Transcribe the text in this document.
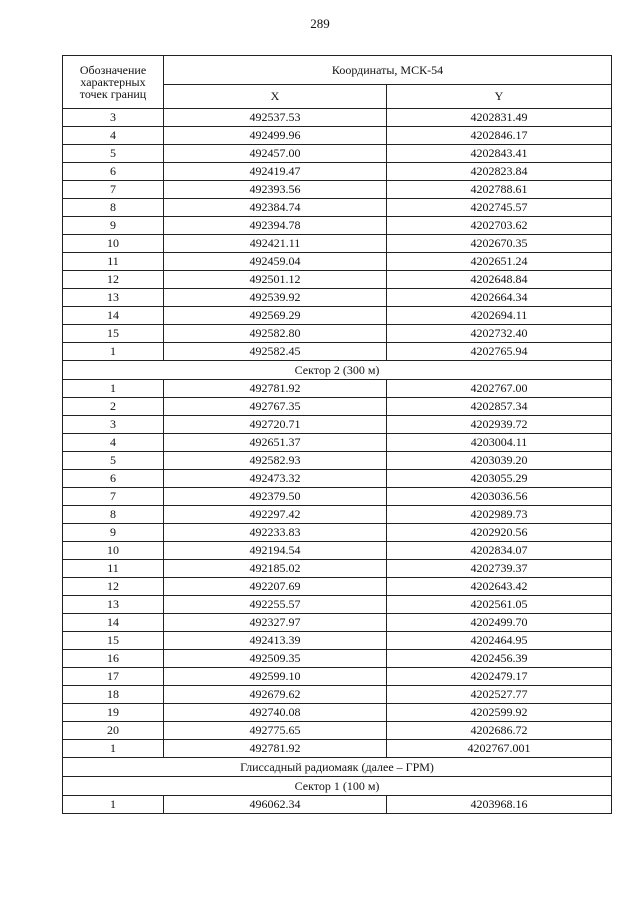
289
Обозначение характерных точек границ	Координаты, МСК-54	
	X	Y
3	492537.53	4202831.49
4	492499.96	4202846.17
5	492457.00	4202843.41
6	492419.47	4202823.84
7	492393.56	4202788.61
8	492384.74	4202745.57
9	492394.78	4202703.62
10	492421.11	4202670.35
11	492459.04	4202651.24
12	492501.12	4202648.84
13	492539.92	4202664.34
14	492569.29	4202694.11
15	492582.80	4202732.40
1	492582.45	4202765.94
Сектор 2 (300 м)		
1	492781.92	4202767.00
2	492767.35	4202857.34
3	492720.71	4202939.72
4	492651.37	4203004.11
5	492582.93	4203039.20
6	492473.32	4203055.29
7	492379.50	4203036.56
8	492297.42	4202989.73
9	492233.83	4202920.56
10	492194.54	4202834.07
11	492185.02	4202739.37
12	492207.69	4202643.42
13	492255.57	4202561.05
14	492327.97	4202499.70
15	492413.39	4202464.95
16	492509.35	4202456.39
17	492599.10	4202479.17
18	492679.62	4202527.77
19	492740.08	4202599.92
20	492775.65	4202686.72
1	492781.92	4202767.001
Глиссадный радиомаяк (далее – ГРМ)		
Сектор 1 (100 м)		
1	496062.34	4203968.16
